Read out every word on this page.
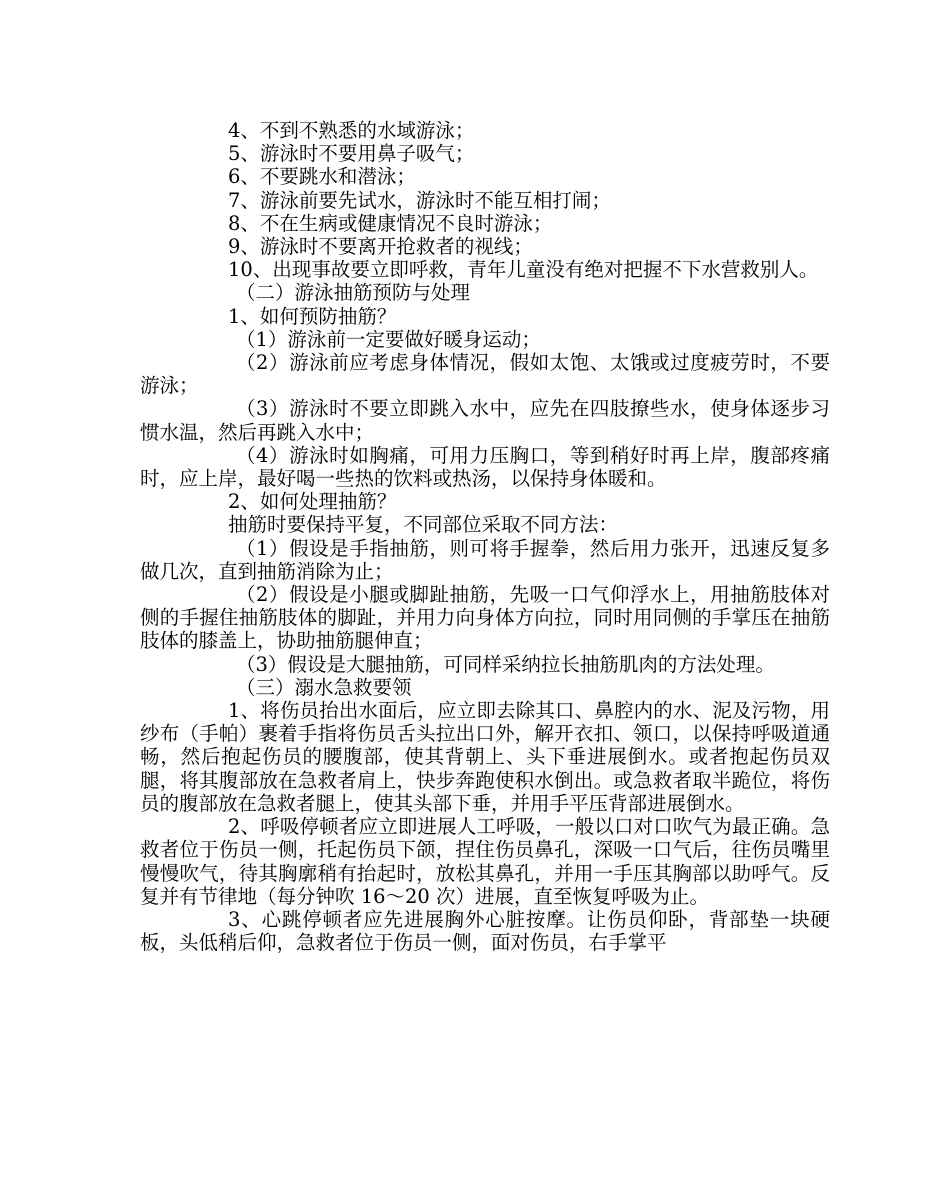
4、不到不熟悉的水域游泳；

5、游泳时不要用鼻子吸气；

6、不要跳水和潜泳；

7、游泳前要先试水，游泳时不能互相打闹；

8、不在生病或健康情况不良时游泳；

9、游泳时不要离开抢救者的视线；

10、出现事故要立即呼救，青年儿童没有绝对把握不下水营救别人。

（二）游泳抽筋预防与处理

1、如何预防抽筋？

（1）游泳前一定要做好暖身运动；

（2）游泳前应考虑身体情况，假如太饱、太饿或过度疲劳时，不要游泳；

（3）游泳时不要立即跳入水中，应先在四肢撩些水，使身体逐步习惯水温，然后再跳入水中；

（4）游泳时如胸痛，可用力压胸口，等到稍好时再上岸，腹部疼痛时，应上岸，最好喝一些热的饮料或热汤，以保持身体暖和。

2、如何处理抽筋？

抽筋时要保持平复，不同部位采取不同方法：

（1）假设是手指抽筋，则可将手握拳，然后用力张开，迅速反复多做几次，直到抽筋消除为止；

（2）假设是小腿或脚趾抽筋，先吸一口气仰浮水上，用抽筋肢体对侧的手握住抽筋肢体的脚趾，并用力向身体方向拉，同时用同侧的手掌压在抽筋肢体的膝盖上，协助抽筋腿伸直；

（3）假设是大腿抽筋，可同样采纳拉长抽筋肌肉的方法处理。

（三）溺水急救要领

1、将伤员抬出水面后，应立即去除其口、鼻腔内的水、泥及污物，用纱布（手帕）裹着手指将伤员舌头拉出口外，解开衣扣、领口，以保持呼吸道通畅，然后抱起伤员的腰腹部，使其背朝上、头下垂进展倒水。或者抱起伤员双腿，将其腹部放在急救者肩上，快步奔跑使积水倒出。或急救者取半跪位，将伤员的腹部放在急救者腿上，使其头部下垂，并用手平压背部进展倒水。

2、呼吸停顿者应立即进展人工呼吸，一般以口对口吹气为最正确。急救者位于伤员一侧，托起伤员下颌，捏住伤员鼻孔，深吸一口气后，往伤员嘴里慢慢吹气，待其胸廓稍有抬起时，放松其鼻孔，并用一手压其胸部以助呼气。反复并有节律地（每分钟吹 16～20 次）进展，直至恢复呼吸为止。

3、心跳停顿者应先进展胸外心脏按摩。让伤员仰卧，背部垫一块硬板，头低稍后仰，急救者位于伤员一侧，面对伤员，右手掌平
